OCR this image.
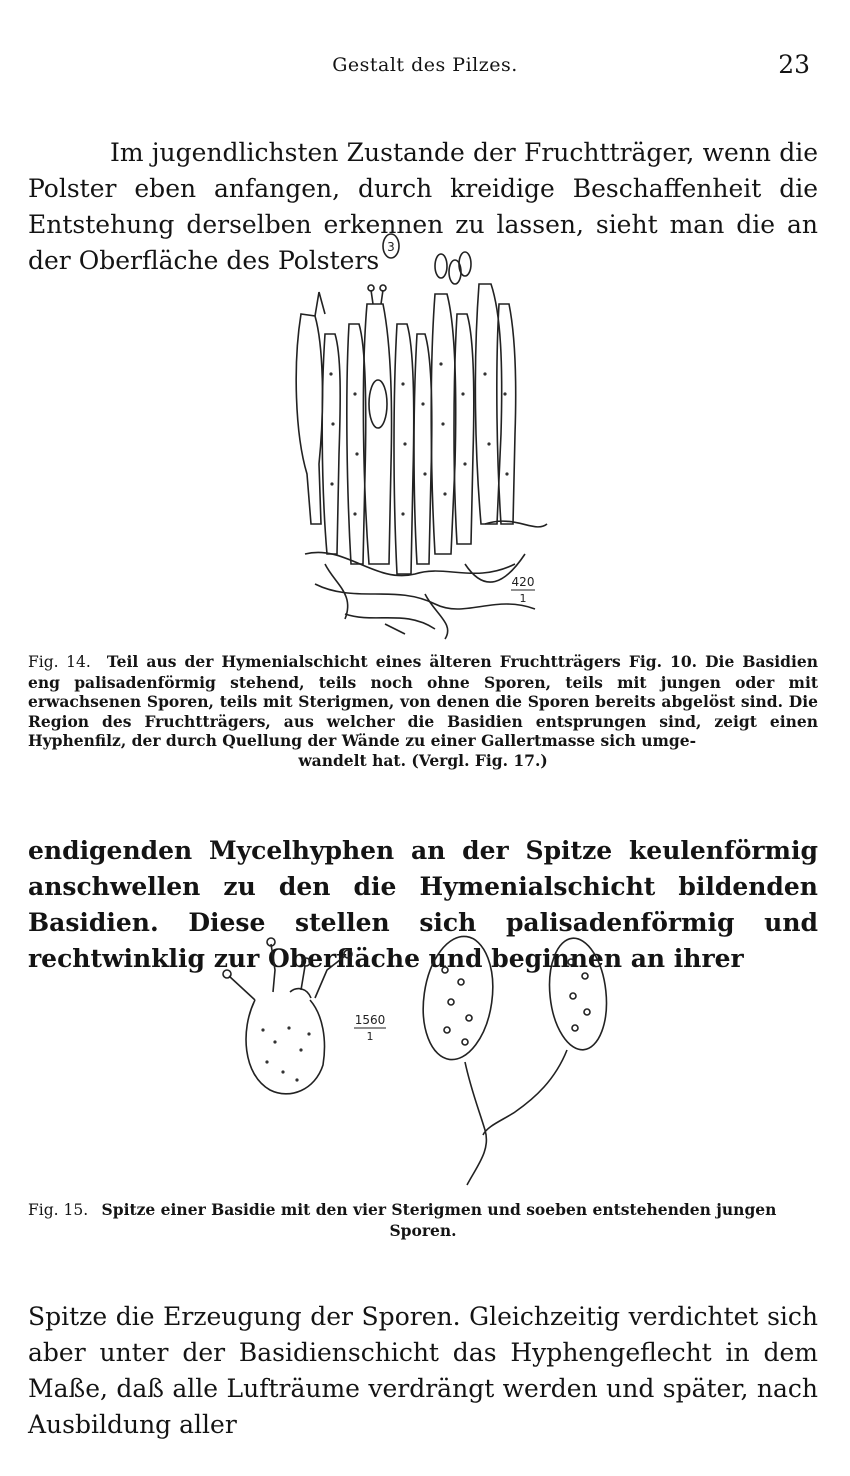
Gestalt des Pilzes.	23

Im jugendlichsten Zustande der Fruchtträger, wenn die Polster eben anfangen, durch kreidige Beschaffenheit die Entstehung derselben erkennen zu lassen, sieht man die an der Oberfläche des Polsters 3
420
1
Fig. 14. Teil aus der Hymenialschicht eines älteren Fruchtträgers Fig. 10. Die Basidien eng palisadenförmig stehend, teils noch ohne Sporen, teils mit jungen oder mit erwachsenen Sporen, teils mit Sterigmen, von denen die Sporen bereits abgelöst sind. Die Region des Fruchtträgers, aus welcher die Basidien entsprungen sind, zeigt einen Hyphenfilz, der durch Quellung der Wände zu einer Gallertmasse sich umge-
wandelt hat. (Vergl. Fig. 17.)

endigenden Mycelhyphen an der Spitze keulenförmig anschwellen zu den die Hymenialschicht bildenden Basidien. Diese stellen sich palisadenförmig und rechtwinklig zur Oberfläche und beginnen an ihrer

1560
1
Fig. 15. Spitze einer Basidie mit den vier Sterigmen und soeben entstehenden jungen
Sporen.

Spitze die Erzeugung der Sporen. Gleichzeitig verdichtet sich aber unter der Basidienschicht das Hyphengeflecht in dem Maße, daß alle Lufträume verdrängt werden und später, nach Ausbildung aller
